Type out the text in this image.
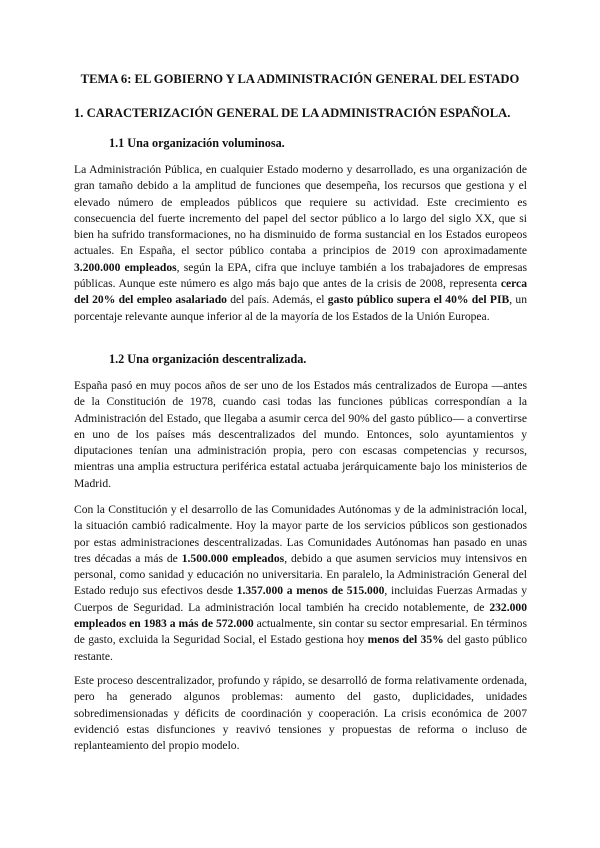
TEMA 6: EL GOBIERNO Y LA ADMINISTRACIÓN GENERAL DEL ESTADO
1. CARACTERIZACIÓN GENERAL DE LA ADMINISTRACIÓN ESPAÑOLA.
1.1 Una organización voluminosa.

La Administración Pública, en cualquier Estado moderno y desarrollado, es una organización de gran tamaño debido a la amplitud de funciones que desempeña, los recursos que gestiona y el elevado número de empleados públicos que requiere su actividad. Este crecimiento es consecuencia del fuerte incremento del papel del sector público a lo largo del siglo XX, que si bien ha sufrido transformaciones, no ha disminuido de forma sustancial en los Estados europeos actuales. En España, el sector público contaba a principios de 2019 con aproximadamente 3.200.000 empleados, según la EPA, cifra que incluye también a los trabajadores de empresas públicas. Aunque este número es algo más bajo que antes de la crisis de 2008, representa cerca del 20% del empleo asalariado del país. Además, el gasto público supera el 40% del PIB, un porcentaje relevante aunque inferior al de la mayoría de los Estados de la Unión Europea.

1.2 Una organización descentralizada.

España pasó en muy pocos años de ser uno de los Estados más centralizados de Europa —antes de la Constitución de 1978, cuando casi todas las funciones públicas correspondían a la Administración del Estado, que llegaba a asumir cerca del 90% del gasto público— a convertirse en uno de los países más descentralizados del mundo. Entonces, solo ayuntamientos y diputaciones tenían una administración propia, pero con escasas competencias y recursos, mientras una amplia estructura periférica estatal actuaba jerárquicamente bajo los ministerios de Madrid.

Con la Constitución y el desarrollo de las Comunidades Autónomas y de la administración local, la situación cambió radicalmente. Hoy la mayor parte de los servicios públicos son gestionados por estas administraciones descentralizadas. Las Comunidades Autónomas han pasado en unas tres décadas a más de 1.500.000 empleados, debido a que asumen servicios muy intensivos en personal, como sanidad y educación no universitaria. En paralelo, la Administración General del Estado redujo sus efectivos desde 1.357.000 a menos de 515.000, incluidas Fuerzas Armadas y Cuerpos de Seguridad. La administración local también ha crecido notablemente, de 232.000 empleados en 1983 a más de 572.000 actualmente, sin contar su sector empresarial. En términos de gasto, excluida la Seguridad Social, el Estado gestiona hoy menos del 35% del gasto público restante.

Este proceso descentralizador, profundo y rápido, se desarrolló de forma relativamente ordenada, pero ha generado algunos problemas: aumento del gasto, duplicidades, unidades sobredimensionadas y déficits de coordinación y cooperación. La crisis económica de 2007 evidenció estas disfunciones y reavivó tensiones y propuestas de reforma o incluso de replanteamiento del propio modelo.
